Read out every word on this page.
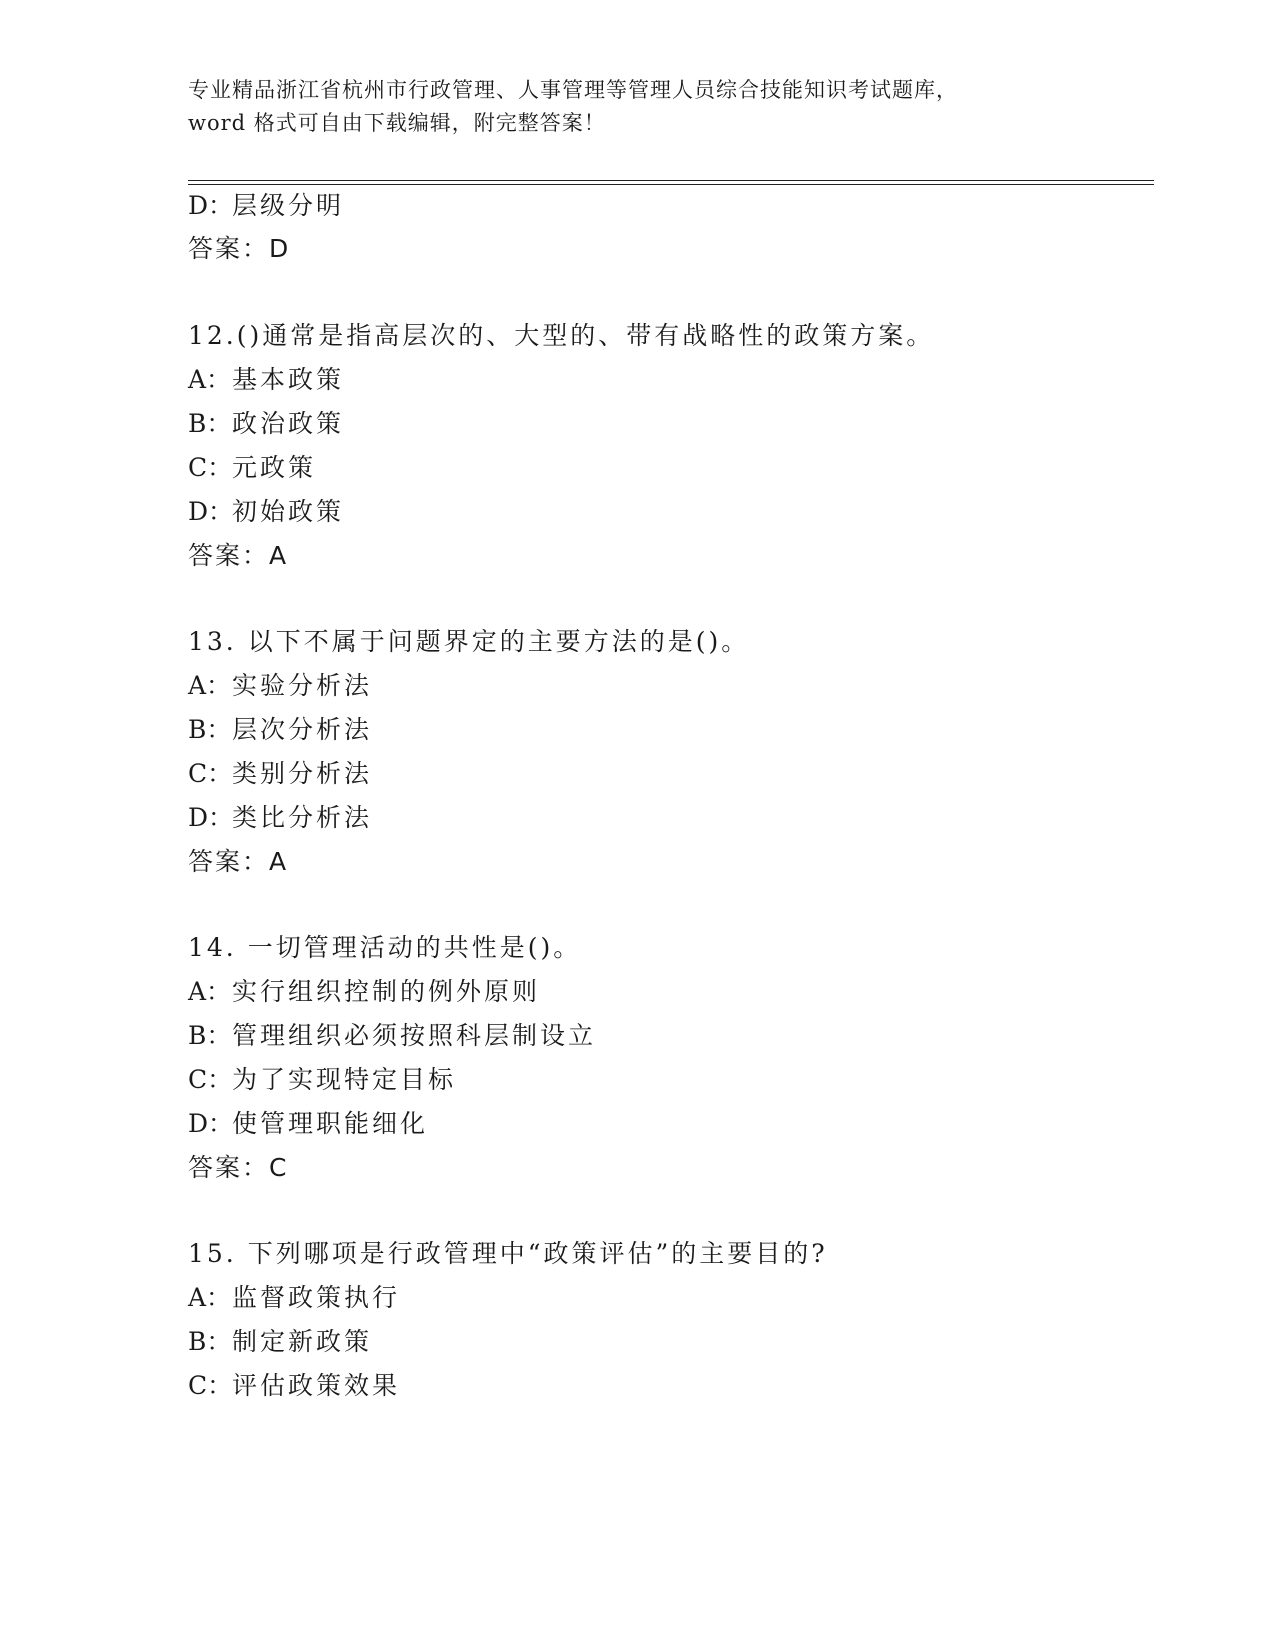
专业精品浙江省杭州市行政管理、人事管理等管理人员综合技能知识考试题库，
word 格式可自由下载编辑，附完整答案！
D：层级分明
答案：D
12.()通常是指高层次的、大型的、带有战略性的政策方案。
A：基本政策
B：政治政策
C：元政策
D：初始政策
答案：A
13. 以下不属于问题界定的主要方法的是()。
A：实验分析法
B：层次分析法
C：类别分析法
D：类比分析法
答案：A
14. 一切管理活动的共性是()。
A：实行组织控制的例外原则
B：管理组织必须按照科层制设立
C：为了实现特定目标
D：使管理职能细化
答案：C
15. 下列哪项是行政管理中“政策评估”的主要目的?
A：监督政策执行
B：制定新政策
C：评估政策效果
